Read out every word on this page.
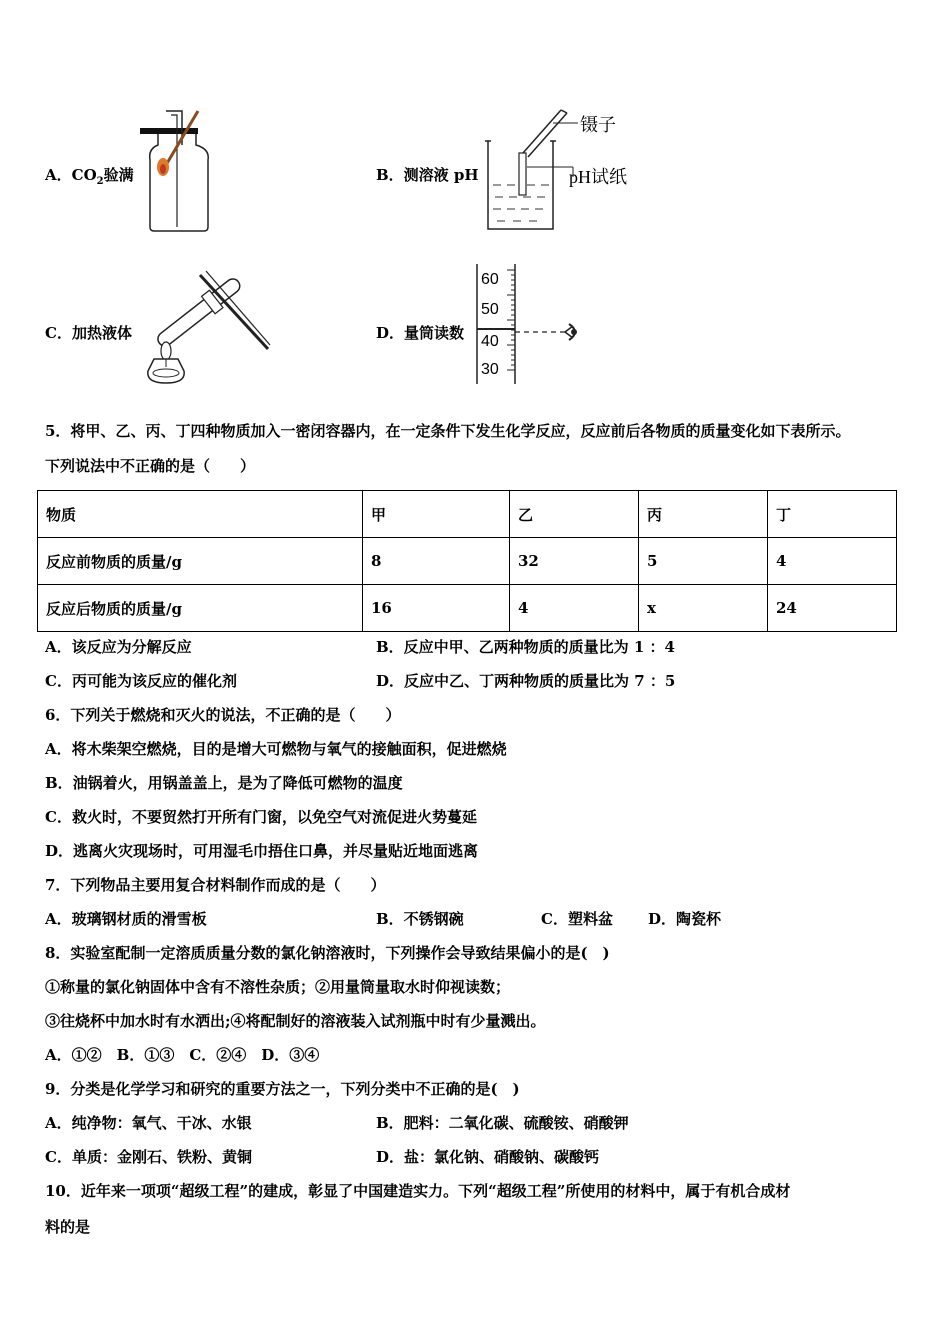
A．$CO_2$验满	B．测溶液 pH
镊子
pH试纸
C．加热液体	D．量筒读数
60
50
40
30
5．将甲、乙、丙、丁四种物质加入一密闭容器内，在一定条件下发生化学反应，反应前后各物质的质量变化如下表所示。
下列说法中不正确的是（　　）
物质	甲	乙	丙	丁
反应前物质的质量/g	8	32	5	4
反应后物质的质量/g	16	4	x	24
A．该反应为分解反应	B．反应中甲、乙两种物质的质量比为 1 ：4
C．丙可能为该反应的催化剂	D．反应中乙、丁两种物质的质量比为 7 ：5
6．下列关于燃烧和灭火的说法，不正确的是（　　）
A．将木柴架空燃烧，目的是增大可燃物与氧气的接触面积，促进燃烧
B．油锅着火，用锅盖盖上，是为了降低可燃物的温度
C．救火时，不要贸然打开所有门窗，以免空气对流促进火势蔓延
D．逃离火灾现场时，可用湿毛巾捂住口鼻，并尽量贴近地面逃离
7．下列物品主要用复合材料制作而成的是（　　）
A．玻璃钢材质的滑雪板	B．不锈钢碗	C．塑料盆 D．陶瓷杯
8．实验室配制一定溶质质量分数的氯化钠溶液时，下列操作会导致结果偏小的是(　)
①称量的氯化钠固体中含有不溶性杂质；②用量筒量取水时仰视读数；
③往烧杯中加水时有水洒出;④将配制好的溶液装入试剂瓶中时有少量溅出。
A．①②　B．①③　C．②④　D．③④
9．分类是化学学习和研究的重要方法之一，下列分类中不正确的是(　)
A．纯净物：氧气、干冰、水银	B．肥料：二氧化碳、硫酸铵、硝酸钾
C．单质：金刚石、铁粉、黄铜	D．盐：氯化钠、硝酸钠、碳酸钙
10．近年来一项项“超级工程”的建成，彰显了中国建造实力。下列“超级工程”所使用的材料中，属于有机合成材
料的是
